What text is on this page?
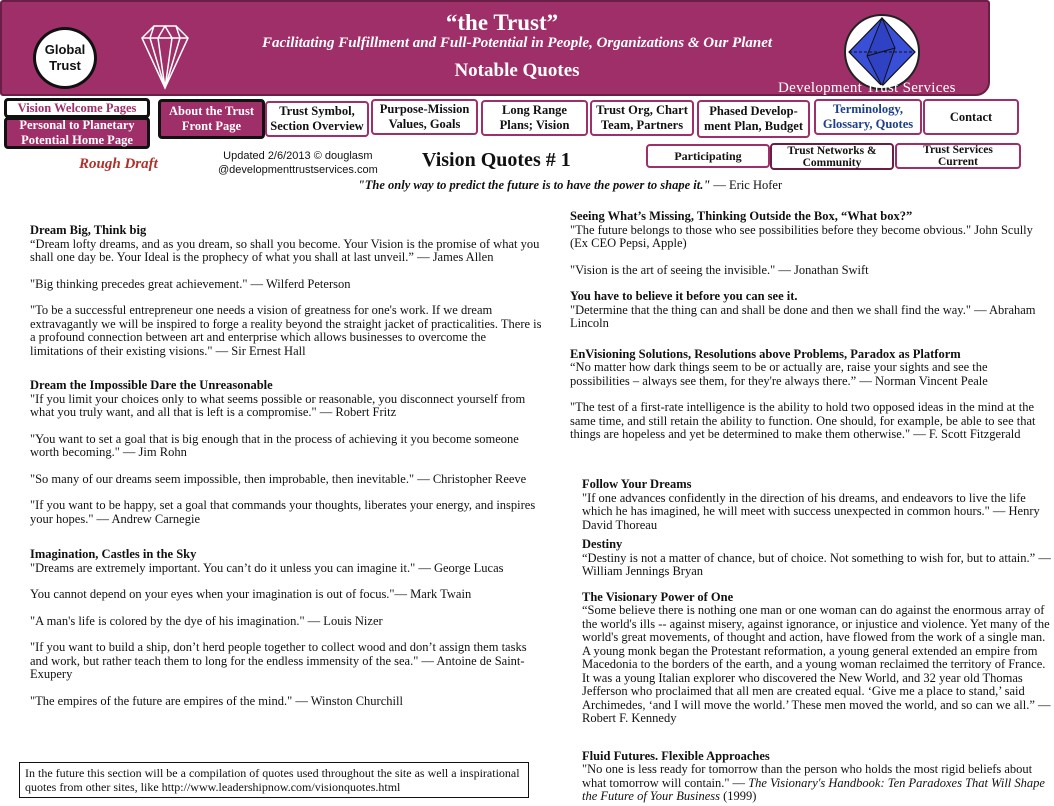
Global
Trust
“the Trust”
Facilitating Fulfillment and Full-Potential in People, Organizations & Our Planet
Notable Quotes
Development Trust Services
Vision Welcome Pages
Personal to Planetary
Potential Home Page
About the Trust
Front Page
Trust Symbol,
Section Overview
Purpose-Mission
Values, Goals
Long Range
Plans; Vision
Trust Org, Chart
Team, Partners
Phased Develop-
ment Plan, Budget
Terminology,
Glossary, Quotes
Contact
Participating	Trust Networks &
Community
Trust Services
Current
Rough Draft	Updated 2/6/2013 © douglasm
@developmenttrustservices.com Vision Quotes # 1
"The only way to predict the future is to have the power to shape it." — Eric Hofer

Dream Big, Think big

“Dream lofty dreams, and as you dream, so shall you become. Your Vision is the promise of what you shall one day be. Your Ideal is the prophecy of what you shall at last unveil.” — James Allen

"Big thinking precedes great achievement." — Wilferd Peterson

"To be a successful entrepreneur one needs a vision of greatness for one's work. If we dream extravagantly we will be inspired to forge a reality beyond the straight jacket of practicalities. There is a profound connection between art and enterprise which allows businesses to overcome the limitations of their existing visions." — Sir Ernest Hall

Dream the Impossible Dare the Unreasonable

"If you limit your choices only to what seems possible or reasonable, you disconnect yourself from what you truly want, and all that is left is a compromise." — Robert Fritz

"You want to set a goal that is big enough that in the process of achieving it you become someone worth becoming." — Jim Rohn

"So many of our dreams seem impossible, then improbable, then inevitable." — Christopher Reeve

"If you want to be happy, set a goal that commands your thoughts, liberates your energy, and inspires your hopes." — Andrew Carnegie

Imagination, Castles in the Sky

"Dreams are extremely important. You can’t do it unless you can imagine it." — George Lucas

You cannot depend on your eyes when your imagination is out of focus."— Mark Twain

"A man's life is colored by the dye of his imagination." — Louis Nizer

"If you want to build a ship, don’t herd people together to collect wood and don’t assign them tasks and work, but rather teach them to long for the endless immensity of the sea." — Antoine de Saint-Exupery

"The empires of the future are empires of the mind." — Winston Churchill

In the future this section will be a compilation of quotes used throughout the site as well a inspirational quotes from other sites, like http://www.leadershipnow.com/visionquotes.html

Seeing What’s Missing, Thinking Outside the Box, “What box?”

"The future belongs to those who see possibilities before they become obvious." John Scully (Ex CEO Pepsi, Apple)

"Vision is the art of seeing the invisible." — Jonathan Swift

You have to believe it before you can see it.

"Determine that the thing can and shall be done and then we shall find the way." — Abraham Lincoln

EnVisioning Solutions, Resolutions above Problems, Paradox as Platform

“No matter how dark things seem to be or actually are, raise your sights and see the possibilities – always see them, for they're always there.” — Norman Vincent Peale

"The test of a first-rate intelligence is the ability to hold two opposed ideas in the mind at the same time, and still retain the ability to function. One should, for example, be able to see that things are hopeless and yet be determined to make them otherwise." — F. Scott Fitzgerald

Follow Your Dreams

"If one advances confidently in the direction of his dreams, and endeavors to live the life which he has imagined, he will meet with success unexpected in common hours." — Henry David Thoreau

Destiny

“Destiny is not a matter of chance, but of choice. Not something to wish for, but to attain.” — William Jennings Bryan

The Visionary Power of One

“Some believe there is nothing one man or one woman can do against the enormous array of the world's ills -- against misery, against ignorance, or injustice and violence. Yet many of the world's great movements, of thought and action, have flowed from the work of a single man. A young monk began the Protestant reformation, a young general extended an empire from Macedonia to the borders of the earth, and a young woman reclaimed the territory of France. It was a young Italian explorer who discovered the New World, and 32 year old Thomas Jefferson who proclaimed that all men are created equal. ‘Give me a place to stand,’ said Archimedes, ‘and I will move the world.’ These men moved the world, and so can we all.” — Robert F. Kennedy

Fluid Futures. Flexible Approaches

"No one is less ready for tomorrow than the person who holds the most rigid beliefs about what tomorrow will contain." — The Visionary's Handbook: Ten Paradoxes That Will Shape the Future of Your Business (1999)
